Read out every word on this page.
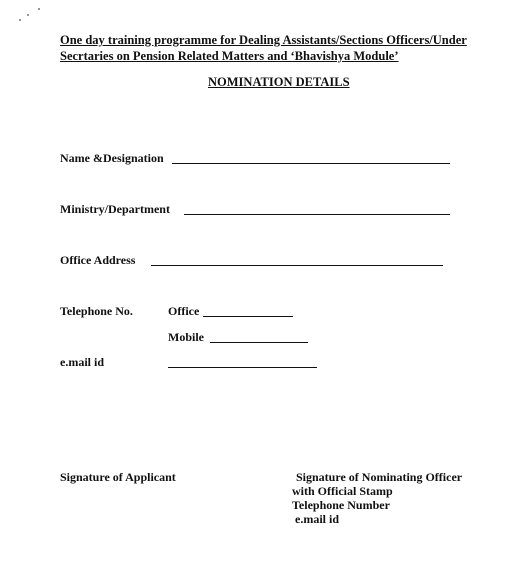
One day training programme for Dealing Assistants/Sections Officers/Under
Secrtaries on Pension Related Matters and ‘Bhavishya Module’
NOMINATION DETAILS
Name &Designation
Ministry/Department
Office Address
Telephone No.	Office
Mobile
e.mail id
Signature of Applicant	Signature of Nominating Officer
with Official Stamp
Telephone Number
e.mail id
